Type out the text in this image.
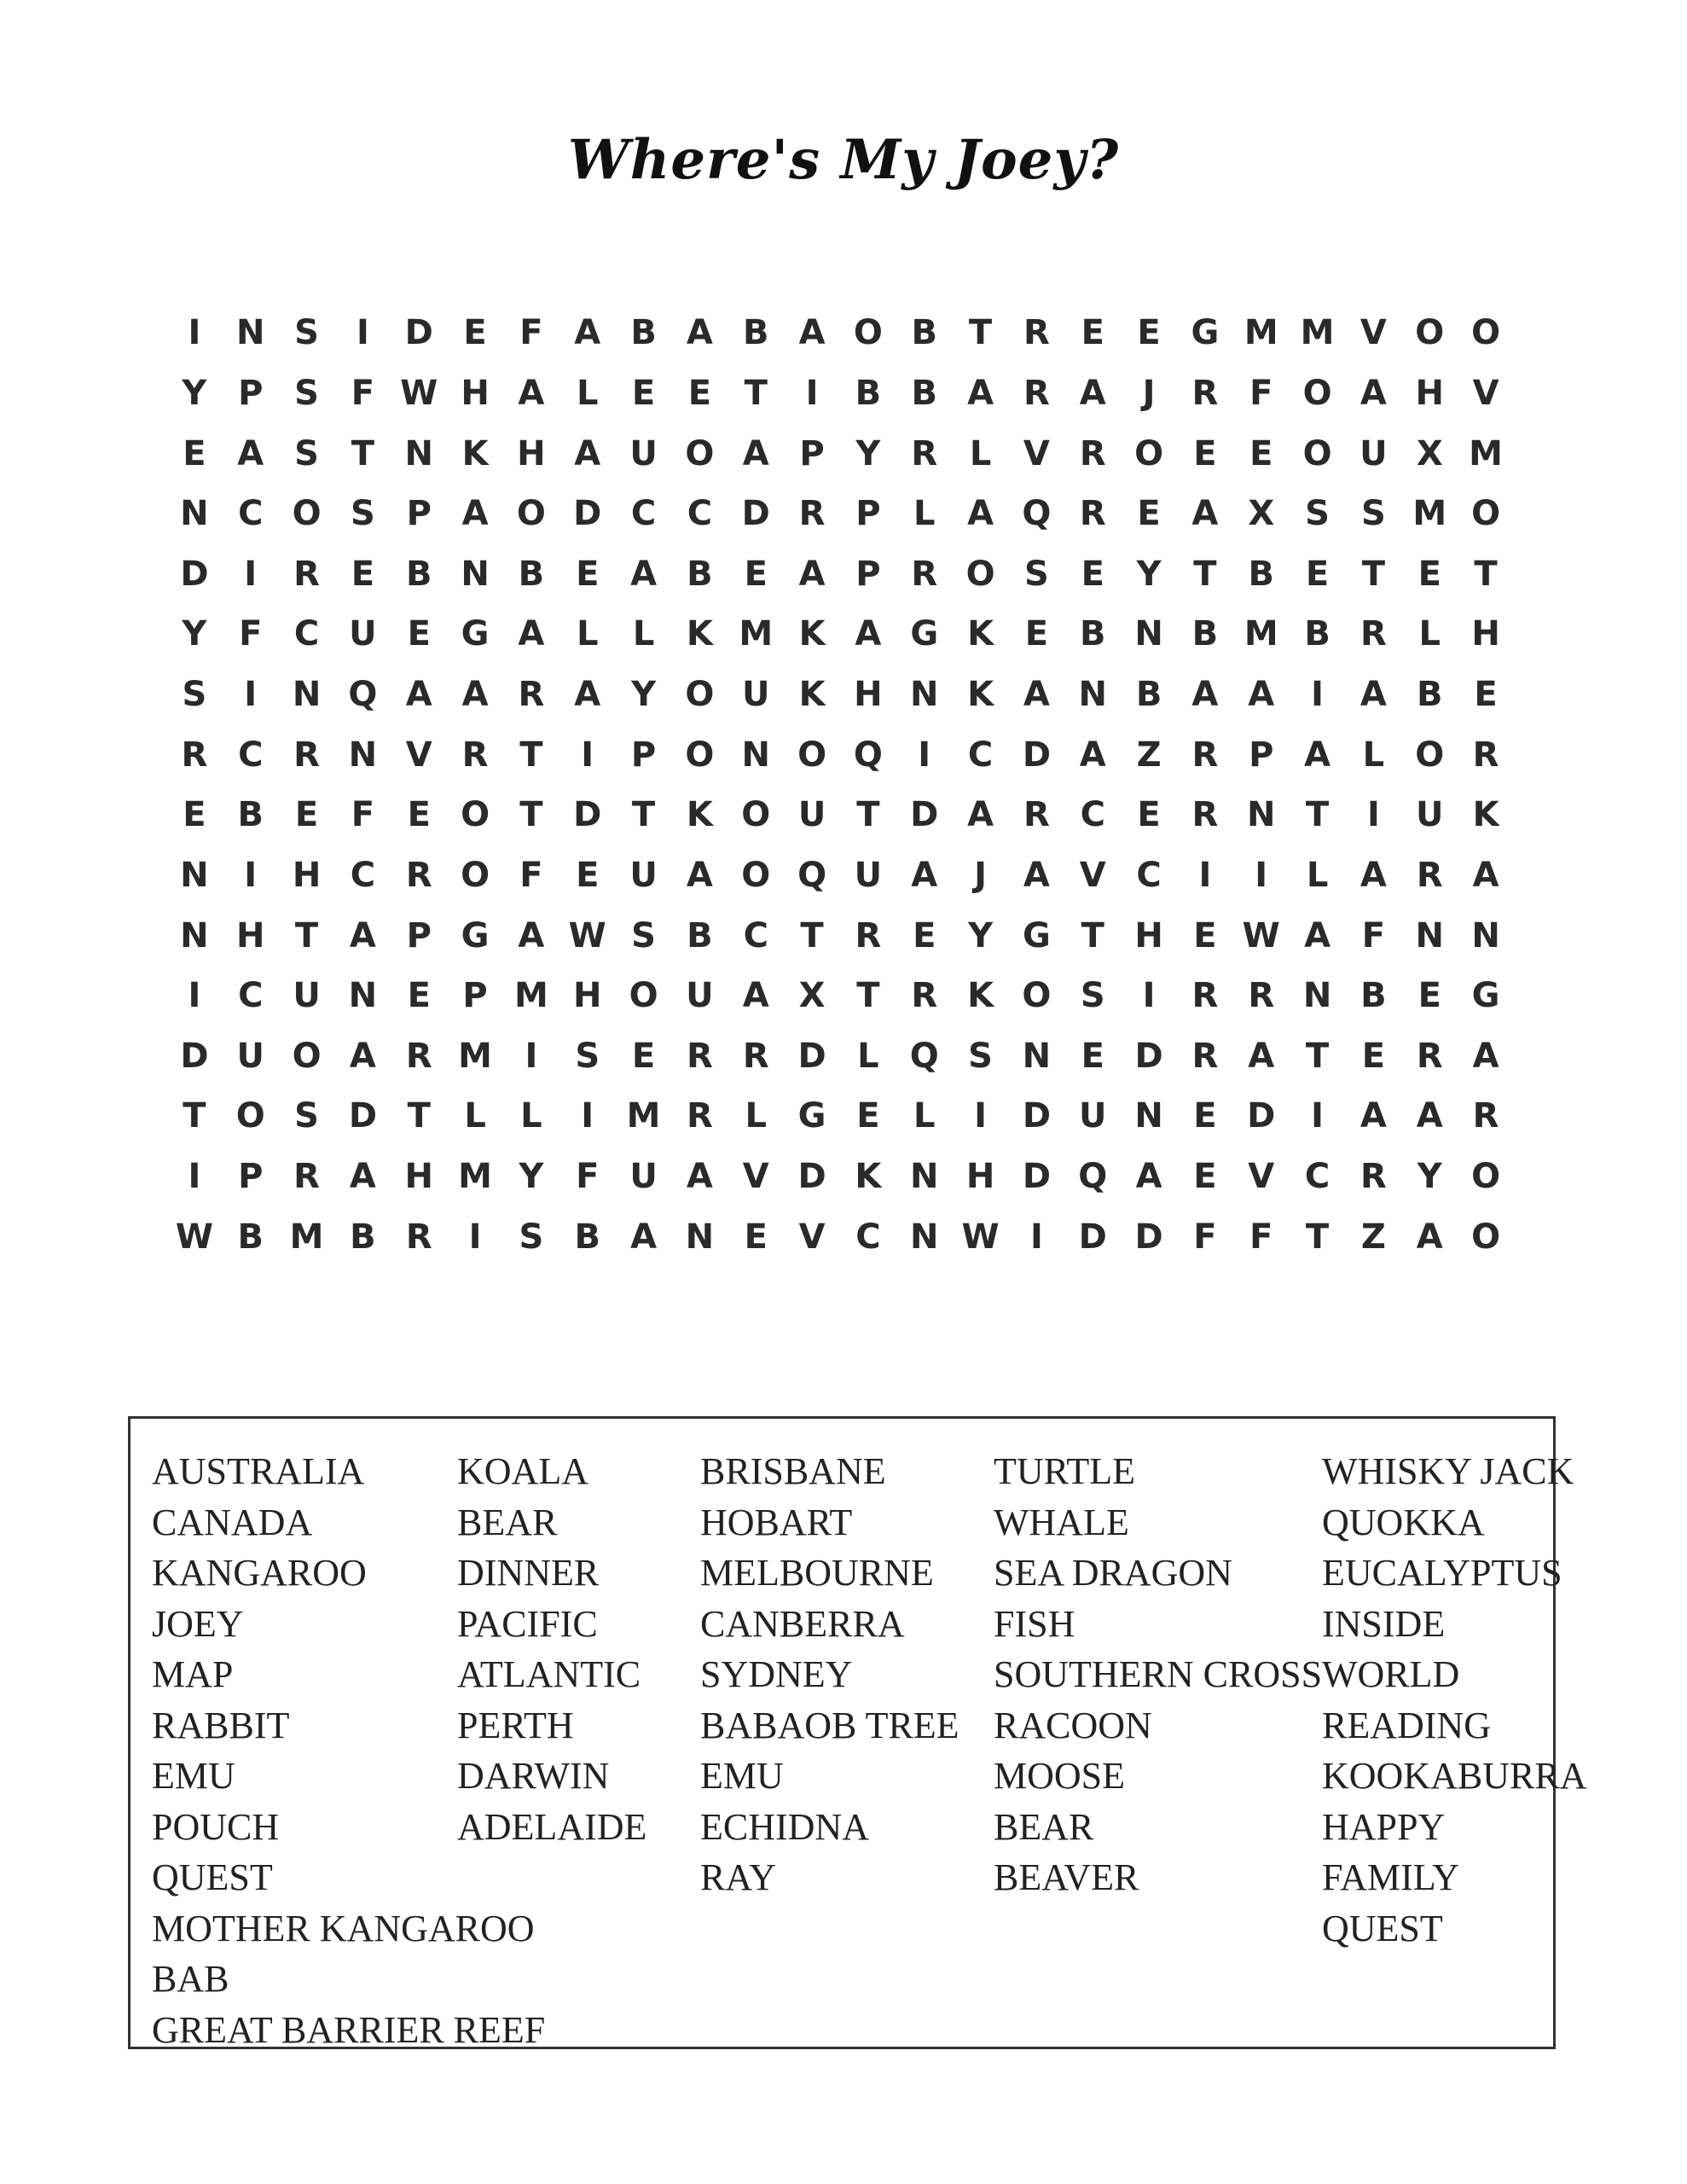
Where's My Joey?
I	N S	I	D E F A B A B A O B T R E E G M M V O O
Y P S F W H A L E E T	I	B B A R A	J	R F O A H V
E A S T N K H A U O A P Y R L V R O E E O U X M
N C O S P A O D C C D R P L A Q R E A X S S M O
D	I	R E B N B E A B E A P R O S E Y T B E T E T
Y F C U E G A L	L K M K A G K E B N B M B R L H
S	I	N Q A A R A Y O U K H N K A N B A A	I	A B E
R C R N V R T	I	P O N O Q	I	C D A Z R P A L O R
E B E F E O T D T K O U T D A R C E R N T	I	U K
N	I	H C R O F E U A O Q U A	J	A V C	I	I	L A R A
N H T A P G A W S B C T R E Y G T H E W A F N N
I	C U N E P M H O U A X T R K O S	I	R R N B E G
D U O A R M I	S E R R D L Q S N E D R A T E R A
T O S D T L	L	I M R L G E L	I	D U N E D	I	A A R
I	P R A H M Y F U A V D K N H D Q A E V C R Y O
W B M B R	I	S B A N E V C N W I	D D F F T Z A O
AUSTRALIA
CANADA
KANGAROO
JOEY
MAP
RABBIT
EMU
POUCH
QUEST
MOTHER KANGAROO
BAB
GREAT BARRIER REEF
KOALA
BEAR
DINNER
PACIFIC
ATLANTIC
PERTH
DARWIN
ADELAIDE
BRISBANE
HOBART
MELBOURNE
CANBERRA
SYDNEY
BABAOB TREE
EMU
ECHIDNA
RAY
TURTLE
WHALE
SEA DRAGON
FISH
SOUTHERN CROSS
RACOON
MOOSE
BEAR
BEAVER
WHISKY JACK
QUOKKA
EUCALYPTUS
INSIDE
WORLD
READING
KOOKABURRA
HAPPY
FAMILY
QUEST
